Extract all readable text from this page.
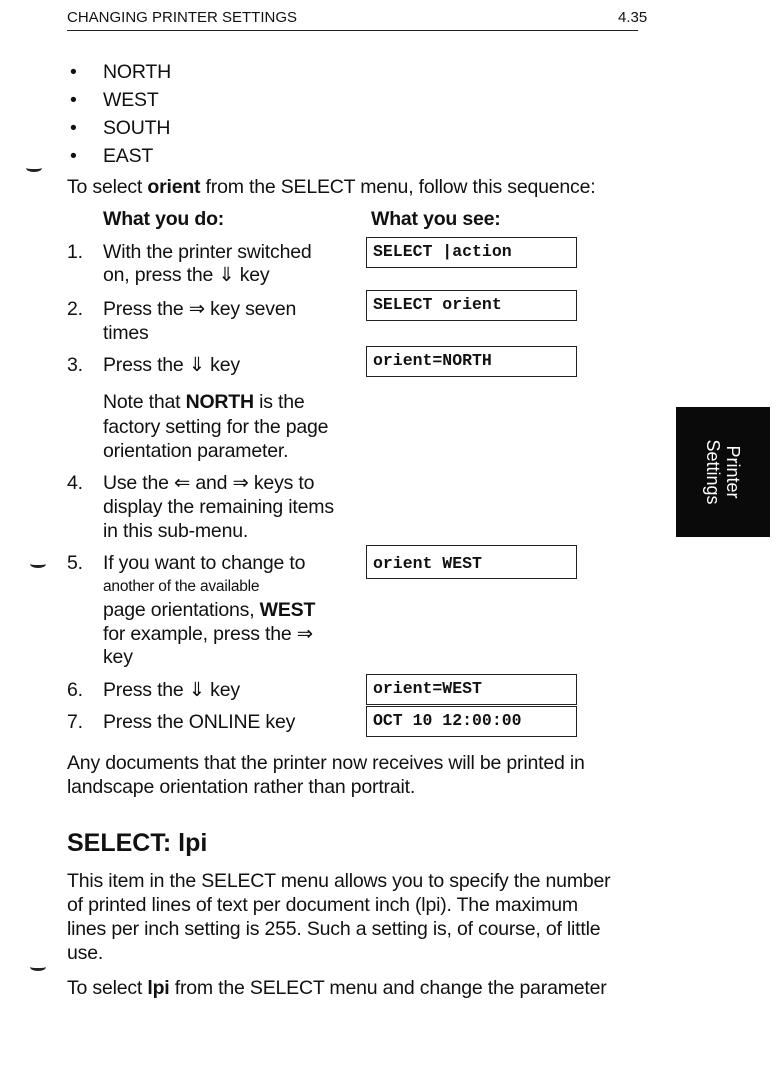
CHANGING PRINTER SETTINGS	4.35
• NORTH
• WEST
• SOUTH
• EAST
To select orient from the SELECT menu, follow this sequence:
What you do:	What you see:
1. With the printer switched
on, press the ⇓ key
2. Press the ⇒ key seven
times
3. Press the ⇓ key
Note that NORTH is the
factory setting for the page
orientation parameter.
4. Use the ⇐ and ⇒ keys to
display the remaining items
in this sub-menu.
5. If you want to change to
another of the available
page orientations, WEST
for example, press the ⇒
key
6. Press the ⇓ key
7. Press the ONLINE key
SELECT |action
SELECT orient
orient=NORTH
orient WEST
orient=WEST
OCT 10 12:00:00
Any documents that the printer now receives will be printed in
landscape orientation rather than portrait.
SELECT: lpi
This item in the SELECT menu allows you to specify the number
of printed lines of text per document inch (lpi). The maximum
lines per inch setting is 255. Such a setting is, of course, of little
use.
To select lpi from the SELECT menu and change the parameter
Printer
Settings
